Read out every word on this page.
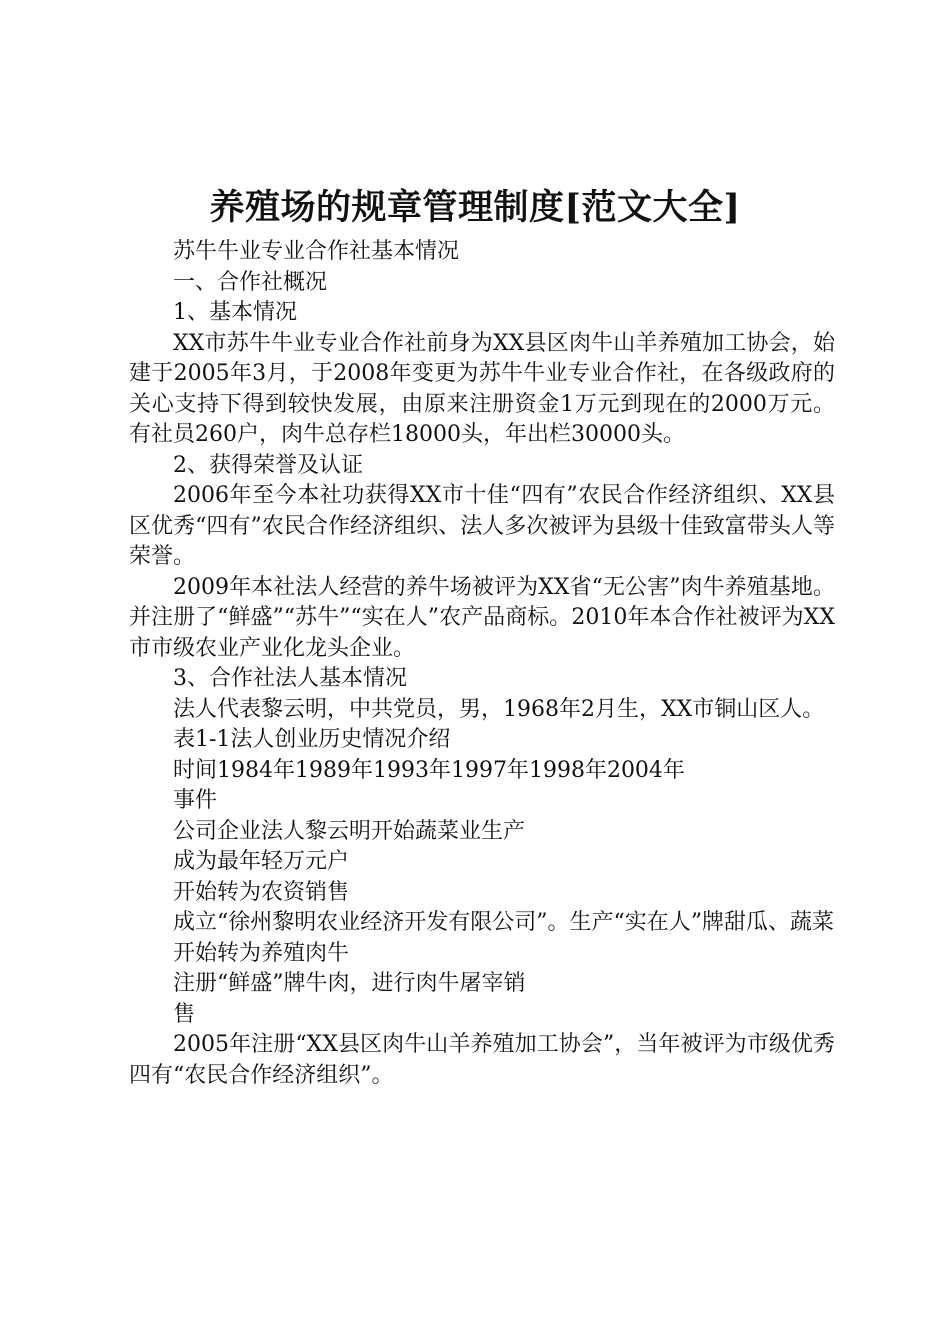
养殖场的规章管理制度[范文大全]

苏牛牛业专业合作社基本情况

一、合作社概况

1、基本情况

XX市苏牛牛业专业合作社前身为XX县区肉牛山羊养殖加工协会，始建于2005年3月，于2008年变更为苏牛牛业专业合作社，在各级政府的关心支持下得到较快发展，由原来注册资金1万元到现在的2000万元。有社员260户，肉牛总存栏18000头，年出栏30000头。

2、获得荣誉及认证

2006年至今本社功获得XX市十佳“四有”农民合作经济组织、XX县区优秀“四有”农民合作经济组织、法人多次被评为县级十佳致富带头人等荣誉。

2009年本社法人经营的养牛场被评为XX省“无公害”肉牛养殖基地。并注册了“鲜盛”“苏牛”“实在人”农产品商标。2010年本合作社被评为XX市市级农业产业化龙头企业。

3、合作社法人基本情况

法人代表黎云明，中共党员，男，1968年2月生，XX市铜山区人。

表1-1法人创业历史情况介绍

时间1984年1989年1993年1997年1998年2004年

事件

公司企业法人黎云明开始蔬菜业生产

成为最年轻万元户

开始转为农资销售

成立“徐州黎明农业经济开发有限公司”。生产“实在人”牌甜瓜、蔬菜

开始转为养殖肉牛

注册“鲜盛”牌牛肉，进行肉牛屠宰销

售

2005年注册“XX县区肉牛山羊养殖加工协会”，当年被评为市级优秀四有“农民合作经济组织”。
